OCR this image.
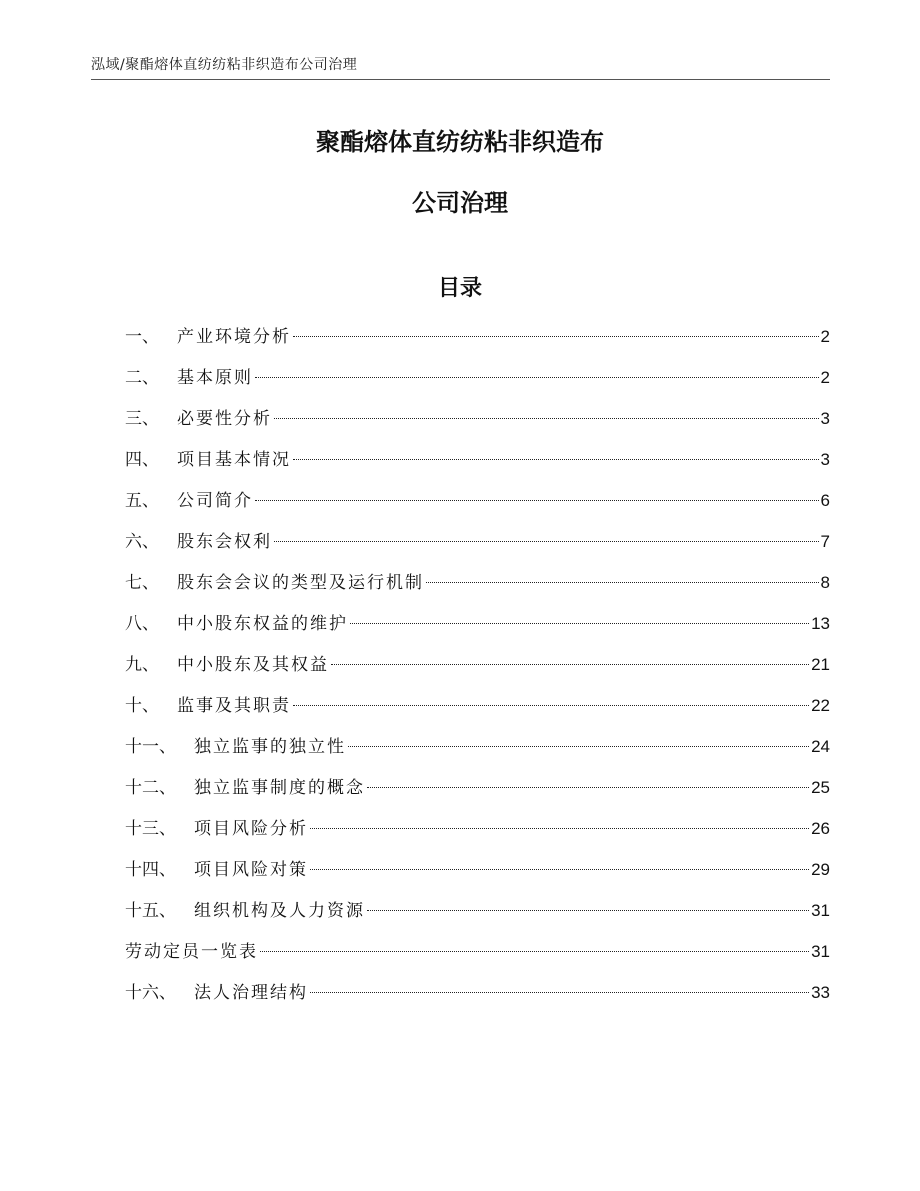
泓域/聚酯熔体直纺纺粘非织造布公司治理
聚酯熔体直纺纺粘非织造布
公司治理
目录
一、 产业环境分析	2
二、 基本原则	2
三、 必要性分析	3
四、 项目基本情况	3
五、 公司简介	6
六、 股东会权利	7
七、 股东会会议的类型及运行机制	8
八、 中小股东权益的维护	13
九、 中小股东及其权益	21
十、 监事及其职责	22
十一、 独立监事的独立性	24
十二、 独立监事制度的概念	25
十三、 项目风险分析	26
十四、 项目风险对策	29
十五、 组织机构及人力资源	31
劳动定员一览表	31
十六、 法人治理结构	33
